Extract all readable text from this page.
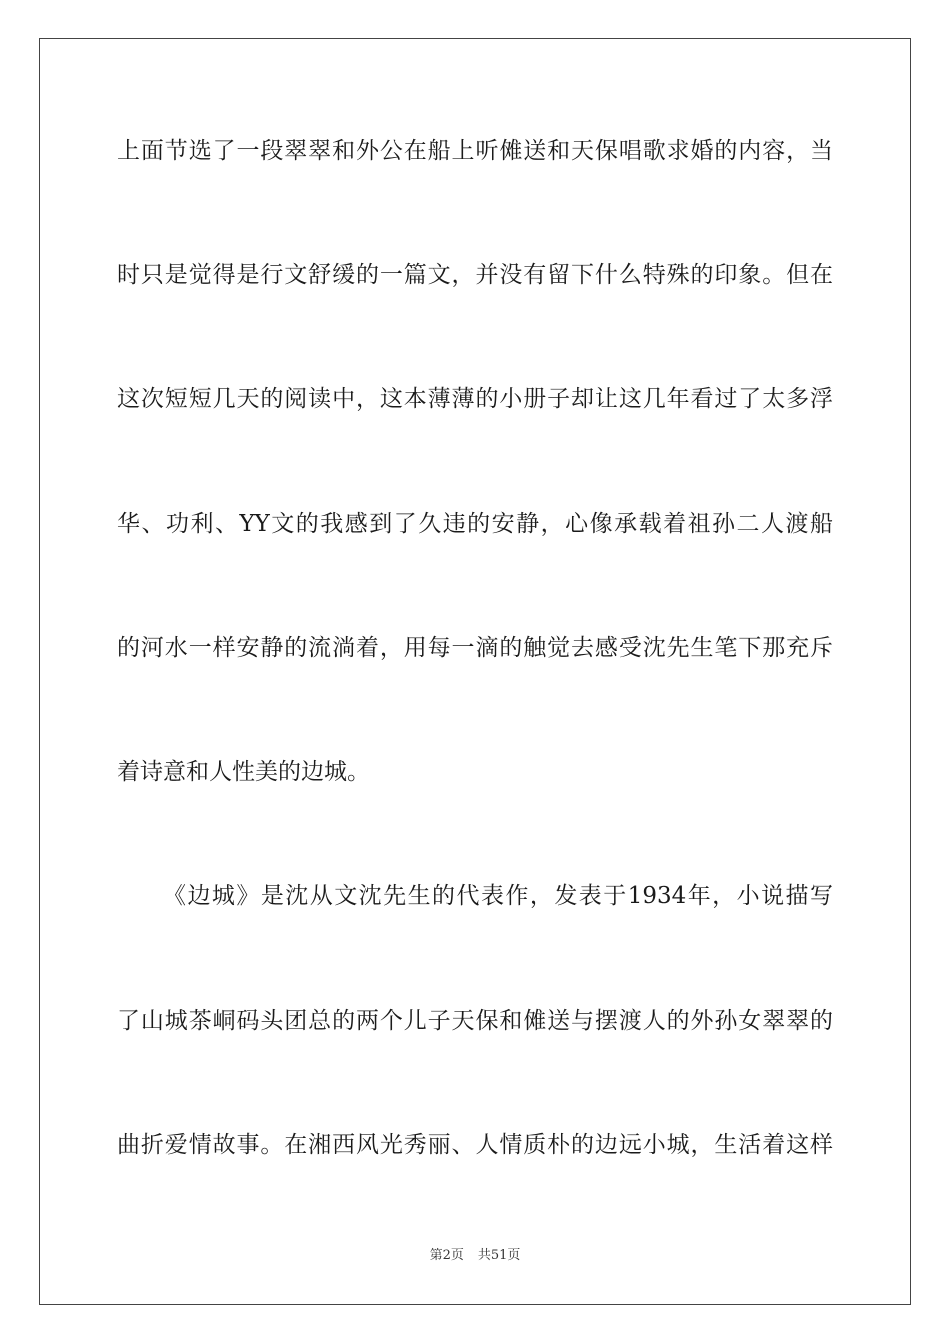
上面节选了一段翠翠和外公在船上听傩送和天保唱歌求婚的内容，当
时只是觉得是行文舒缓的一篇文，并没有留下什么特殊的印象。但在
这次短短几天的阅读中，这本薄薄的小册子却让这几年看过了太多浮
华、功利、YY文的我感到了久违的安静，心像承载着祖孙二人渡船
的河水一样安静的流淌着，用每一滴的触觉去感受沈先生笔下那充斥
着诗意和人性美的边城。
《边城》是沈从文沈先生的代表作，发表于1934年，小说描写
了山城茶峒码头团总的两个儿子天保和傩送与摆渡人的外孙女翠翠的
曲折爱情故事。在湘西风光秀丽、人情质朴的边远小城，生活着这样
第2页 共51页
